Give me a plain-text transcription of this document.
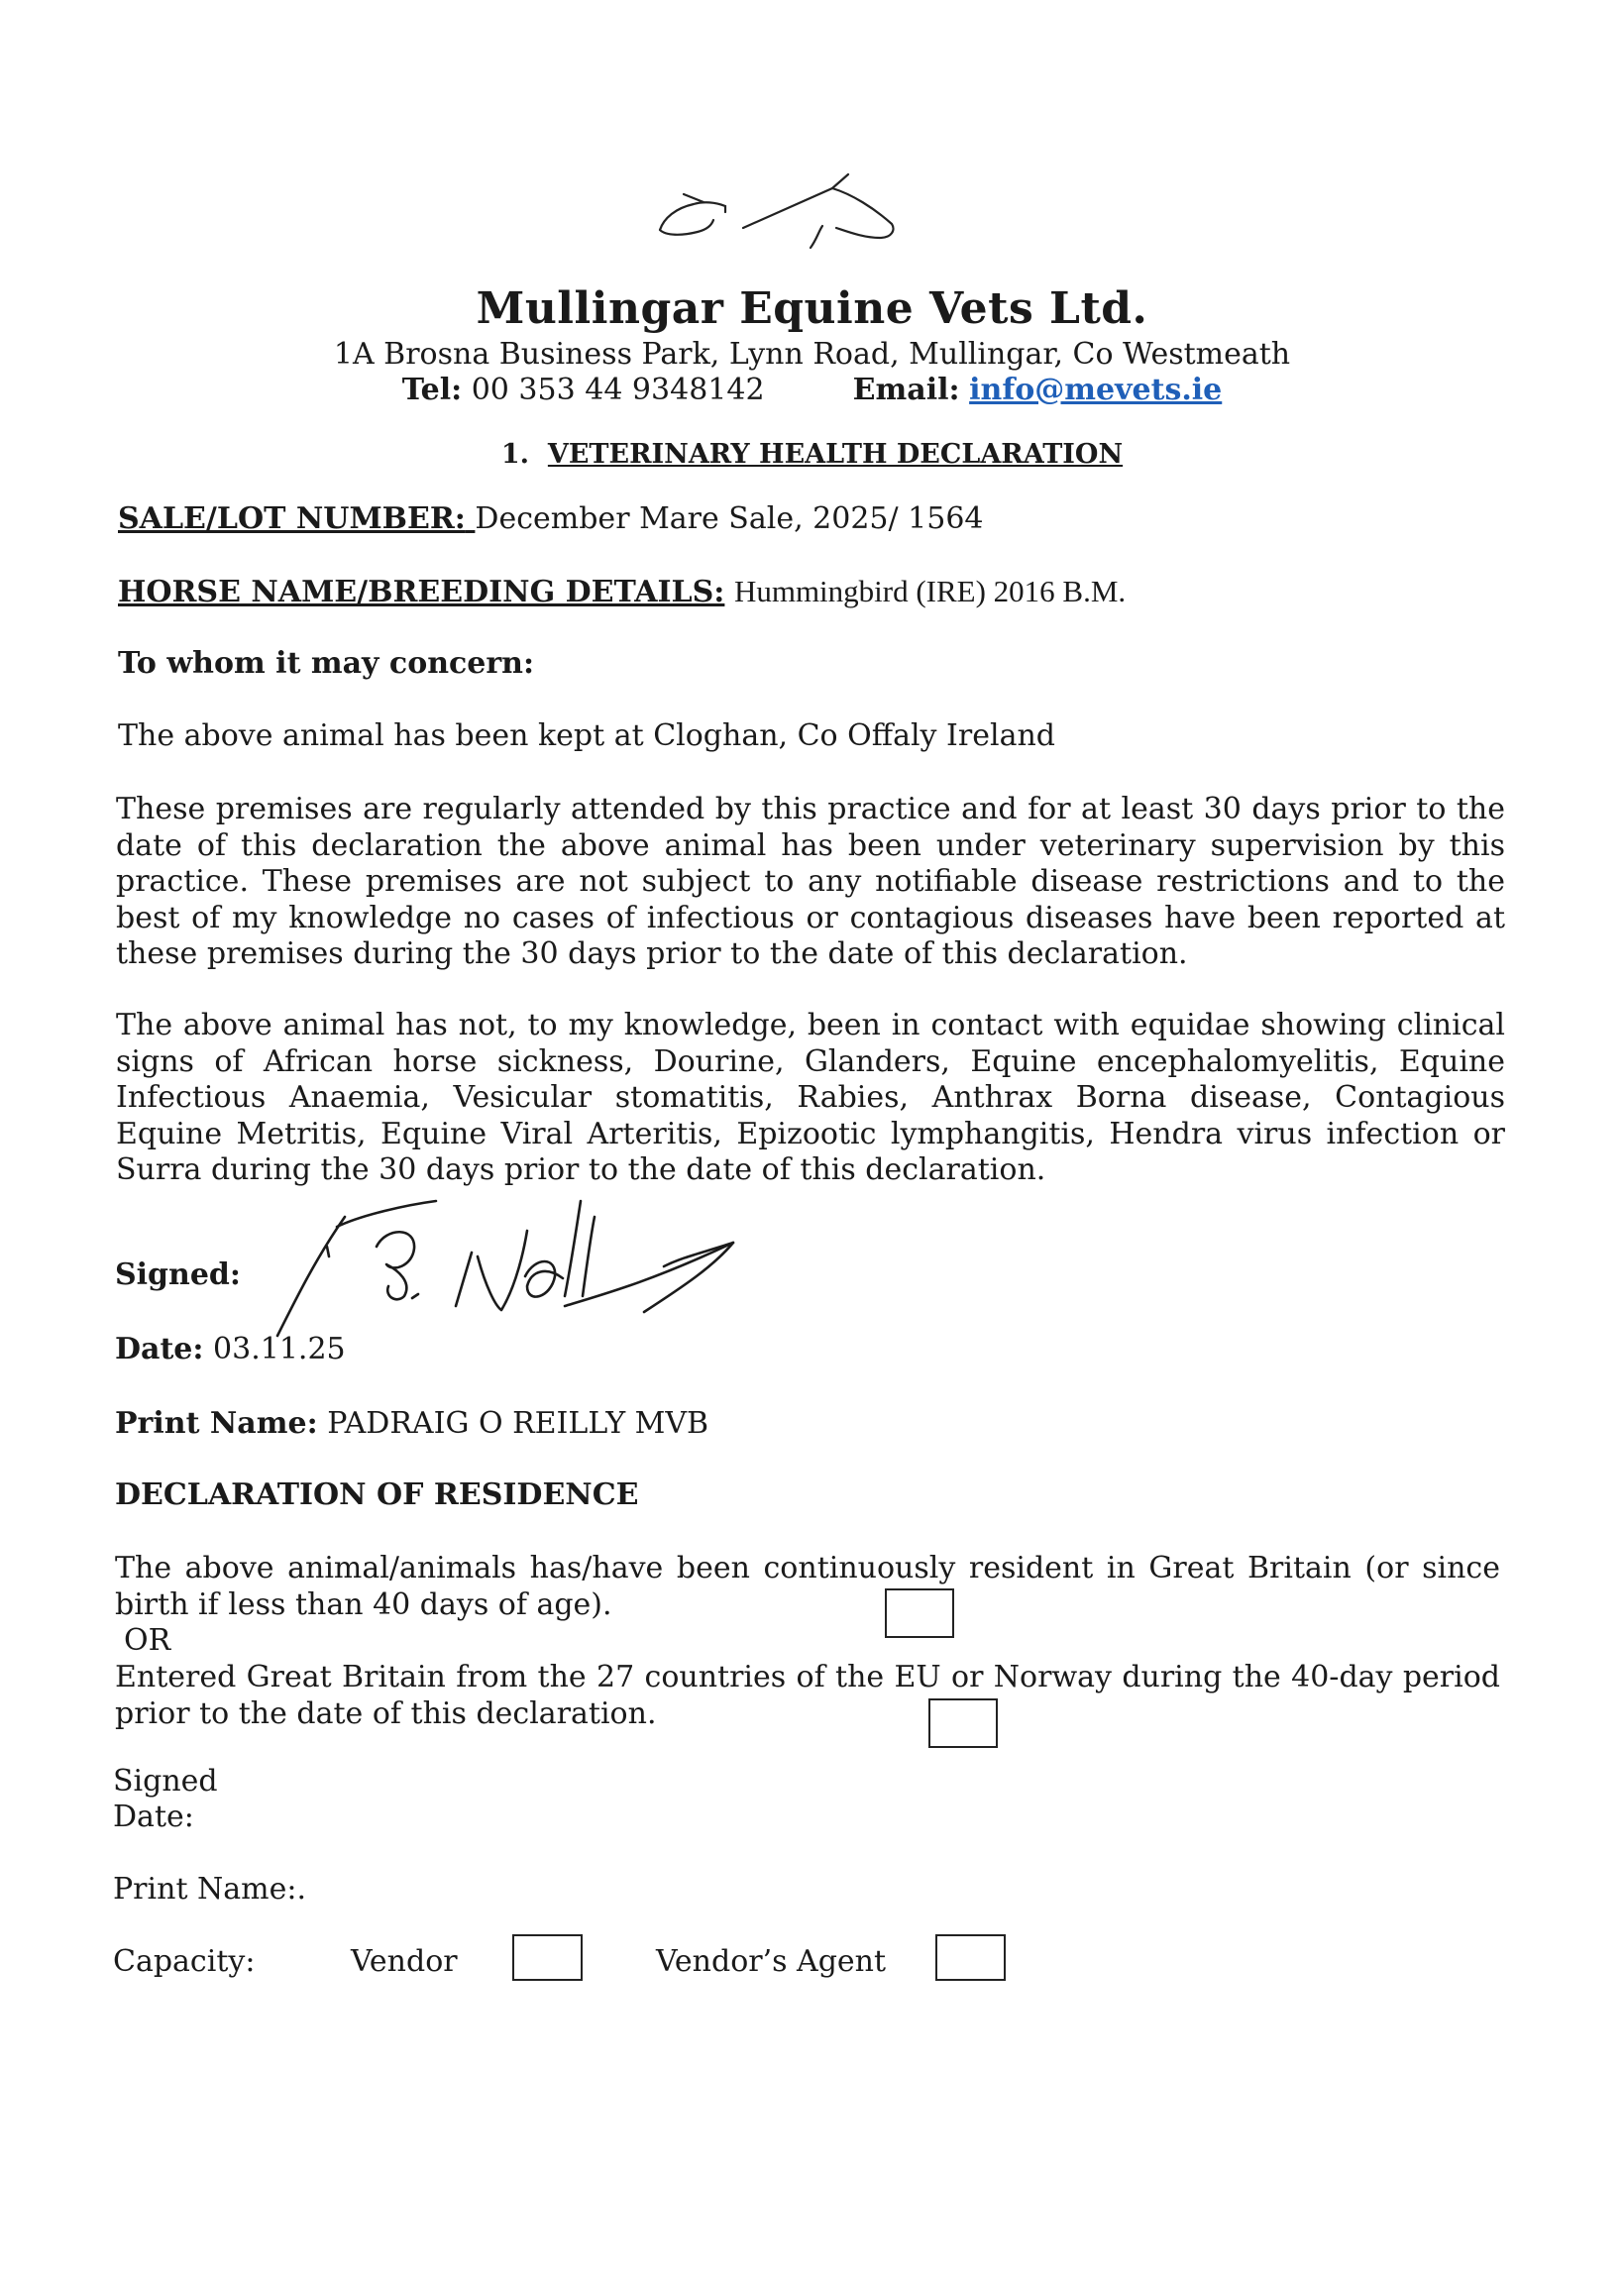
Mullingar Equine Vets Ltd.
1A Brosna Business Park, Lynn Road, Mullingar, Co Westmeath
Tel: 00 353 44 9348142	Email: info@mevets.ie
1. VETERINARY HEALTH DECLARATION
SALE/LOT NUMBER: December Mare Sale, 2025/ 1564
HORSE NAME/BREEDING DETAILS: Hummingbird (IRE) 2016 B.M.
To whom it may concern:
The above animal has been kept at Cloghan, Co Offaly Ireland
These premises are regularly attended by this practice and for at least 30 days prior to the
date of this declaration the above animal has been under veterinary supervision by this
practice. These premises are not subject to any notifiable disease restrictions and to the
best of my knowledge no cases of infectious or contagious diseases have been reported at
these premises during the 30 days prior to the date of this declaration.
The above animal has not, to my knowledge, been in contact with equidae showing clinical
signs of African horse sickness, Dourine, Glanders, Equine encephalomyelitis, Equine
Infectious Anaemia, Vesicular stomatitis, Rabies, Anthrax Borna disease, Contagious
Equine Metritis, Equine Viral Arteritis, Epizootic lymphangitis, Hendra virus infection or
Surra during the 30 days prior to the date of this declaration.
Signed:
Date: 03.11.25
Print Name: PADRAIG O REILLY MVB
DECLARATION OF RESIDENCE
The above animal/animals has/have been continuously resident in Great Britain (or since
birth if less than 40 days of age).
OR
Entered Great Britain from the 27 countries of the EU or Norway during the 40-day period
prior to the date of this declaration.
Signed
Date:
Print Name:.
Capacity:	Vendor	Vendor’s Agent
